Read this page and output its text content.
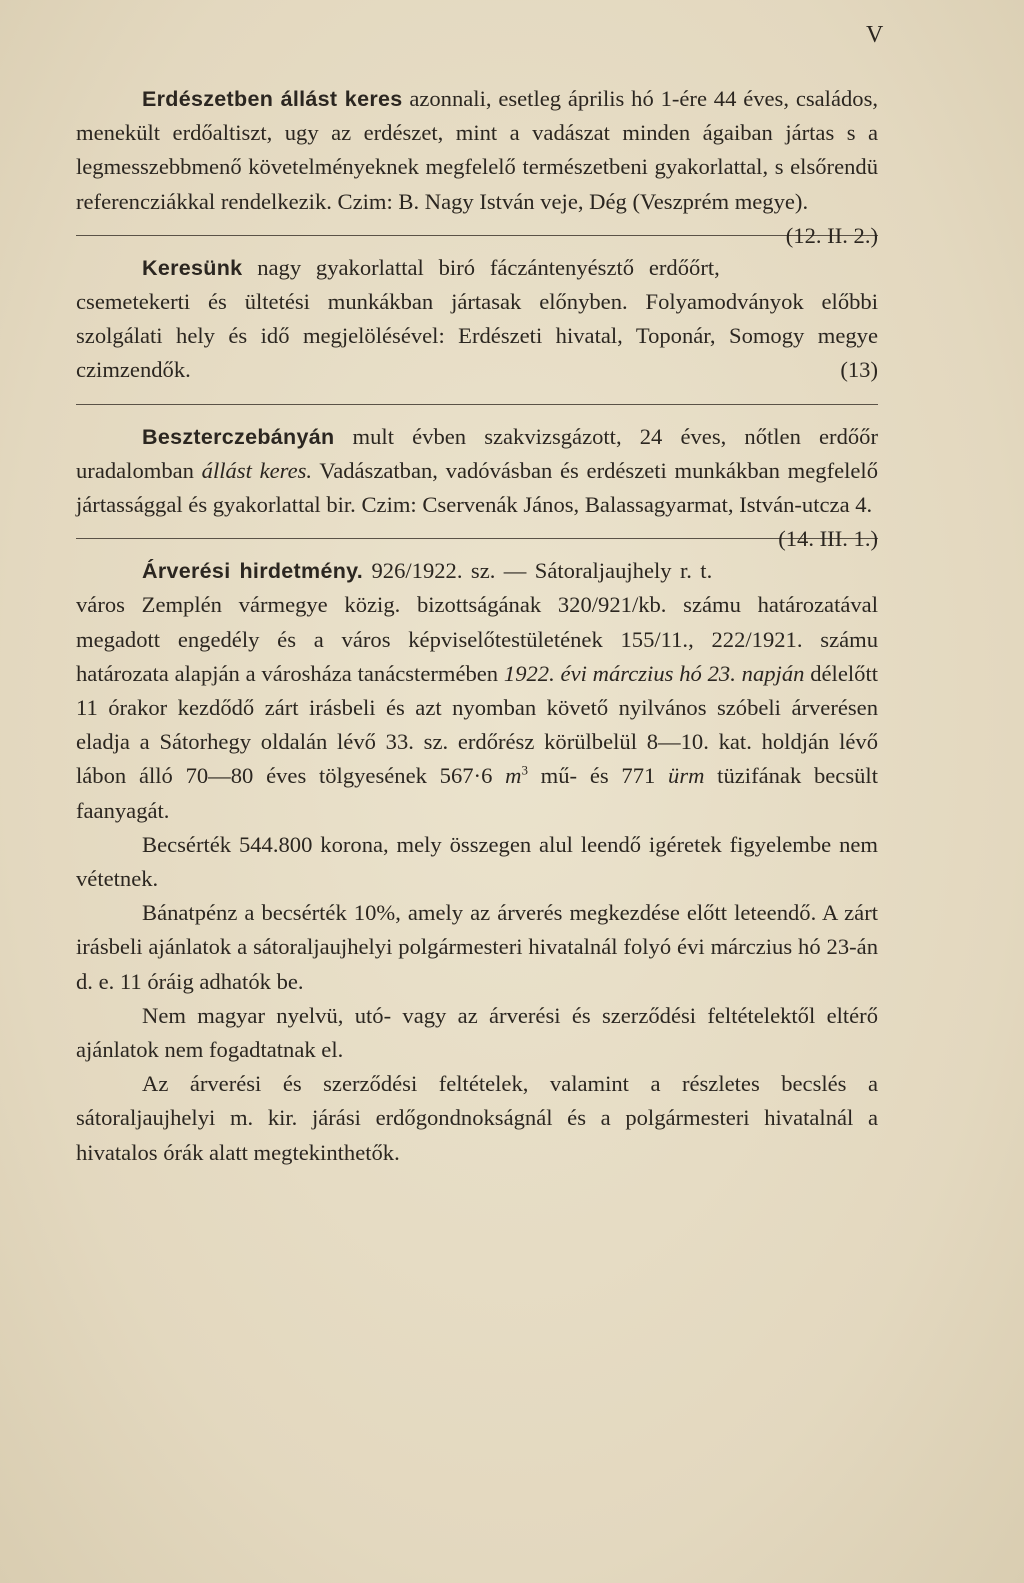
V

Erdészetben állást keres azonnali, esetleg április hó 1-ére 44 éves, családos, menekült erdőaltiszt, ugy az erdészet, mint a vadászat minden ágaiban jártas s a legmesszebbmenő követelményeknek megfelelő természetbeni gyakorlattal, s elsőrendü referencziákkal rendelkezik. Czim: B. Nagy István veje, Dég (Veszprém megye).
(12. II. 2.)

Keresünk nagy gyakorlattal biró fáczántenyésztő erdőőrt, csemetekerti és ültetési munkákban jártasak előnyben. Folyamodványok előbbi szolgálati hely és idő megjelölésével: Erdészeti hivatal, Toponár, Somogy megye czimzendők.	(13)

Beszterczebányán mult évben szakvizsgázott, 24 éves, nőtlen erdőőr uradalomban állást keres. Vadászatban, vadóvásban és erdészeti munkákban megfelelő jártassággal és gyakorlattal bir. Czim: Cservenák János, Balassagyarmat, István-utcza 4.
(14. III. 1.)

Árverési hirdetmény. 926/1922. sz. — Sátoraljaujhely r. t. város Zemplén vármegye közig. bizottságának 320/921/kb. számu határozatával megadott engedély és a város képviselőtestületének 155/11., 222/1921. számu határozata alapján a városháza tanácstermében 1922. évi márczius hó 23. napján délelőtt 11 órakor kezdődő zárt irásbeli és azt nyomban követő nyilvános szóbeli árverésen eladja a Sátorhegy oldalán lévő 33. sz. erdőrész körülbelül 8—10. kat. holdján lévő lábon álló 70—80 éves tölgyesének 567·6 $m^3$ mű- és 771 ürm tüzifának becsült faanyagát.

Becsérték 544.800 korona, mely összegen alul leendő igéretek figyelembe nem vétetnek.

Bánatpénz a becsérték 10%, amely az árverés megkezdése előtt leteendő. A zárt irásbeli ajánlatok a sátoraljaujhelyi polgármesteri hivatalnál folyó évi márczius hó 23-án d. e. 11 óráig adhatók be.

Nem magyar nyelvü, utó- vagy az árverési és szerződési feltételektől eltérő ajánlatok nem fogadtatnak el.

Az árverési és szerződési feltételek, valamint a részletes becslés a sátoraljaujhelyi m. kir. járási erdőgondnokságnál és a polgármesteri hivatalnál a hivatalos órák alatt megtekinthetők.
